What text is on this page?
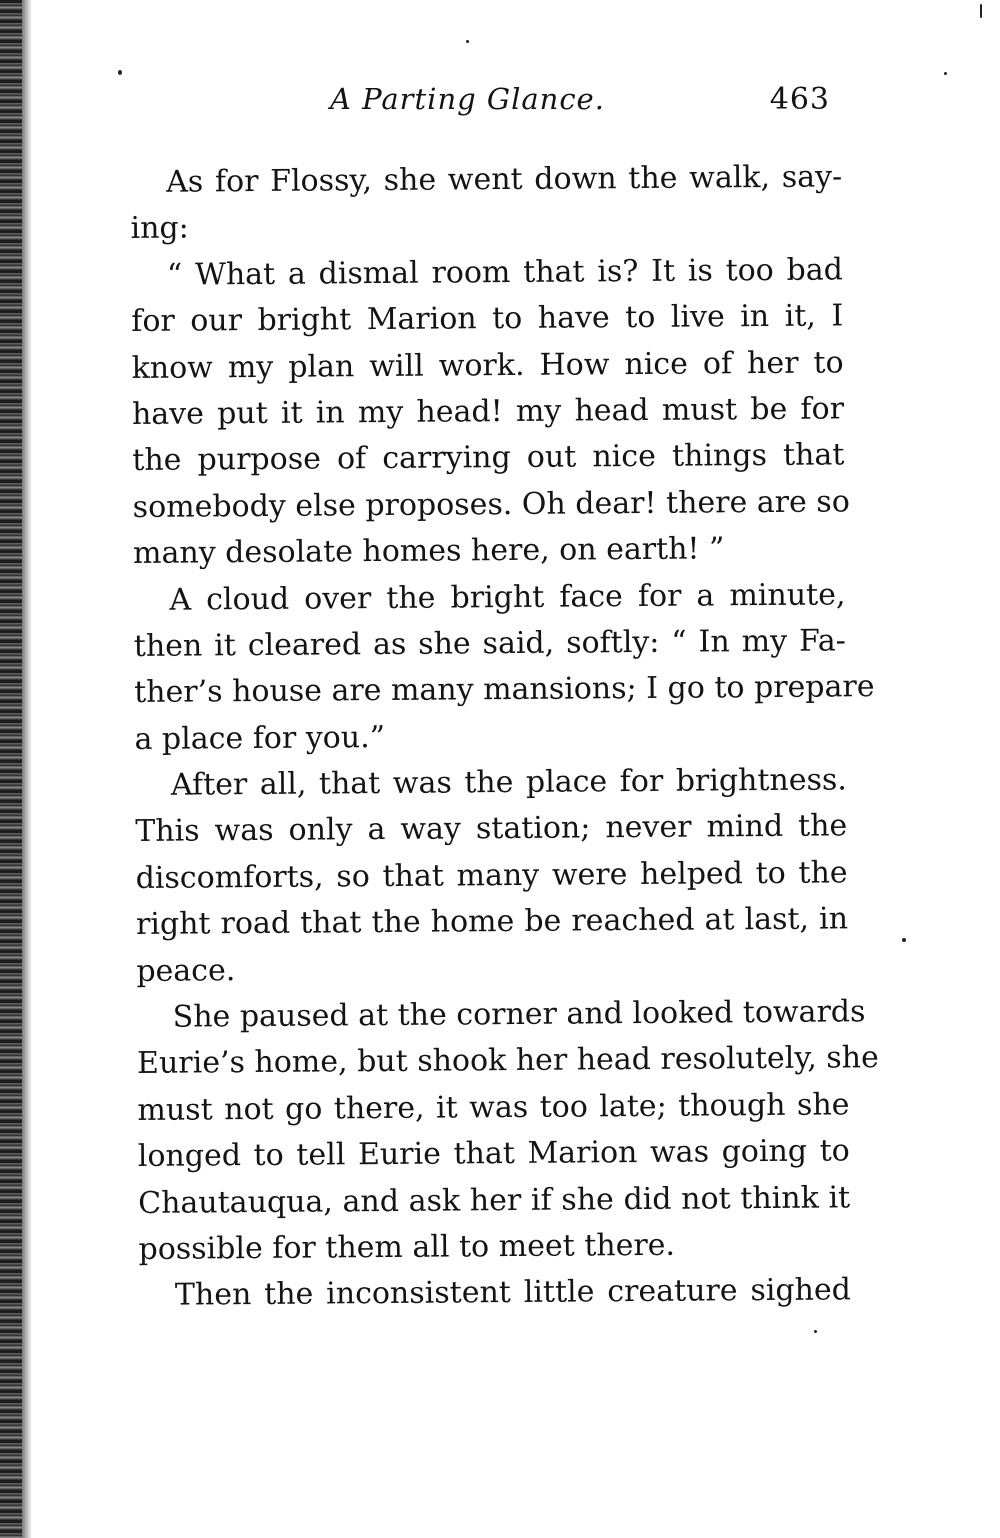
A Parting Glance.	463
As for Flossy, she went down the walk, say-
ing:
“ What a dismal room that is? It is too bad
for our bright Marion to have to live in it, I
know my plan will work. How nice of her to
have put it in my head! my head must be for
the purpose of carrying out nice things that
somebody else proposes. Oh dear! there are so
many desolate homes here, on earth! ”
A cloud over the bright face for a minute,
then it cleared as she said, softly: “ In my Fa-
ther’s house are many mansions; I go to prepare
a place for you.”
After all, that was the place for brightness.
This was only a way station; never mind the
discomforts, so that many were helped to the
right road that the home be reached at last, in
peace.
She paused at the corner and looked towards
Eurie’s home, but shook her head resolutely, she
must not go there, it was too late; though she
longed to tell Eurie that Marion was going to
Chautauqua, and ask her if she did not think it
possible for them all to meet there.
Then the inconsistent little creature sighed
